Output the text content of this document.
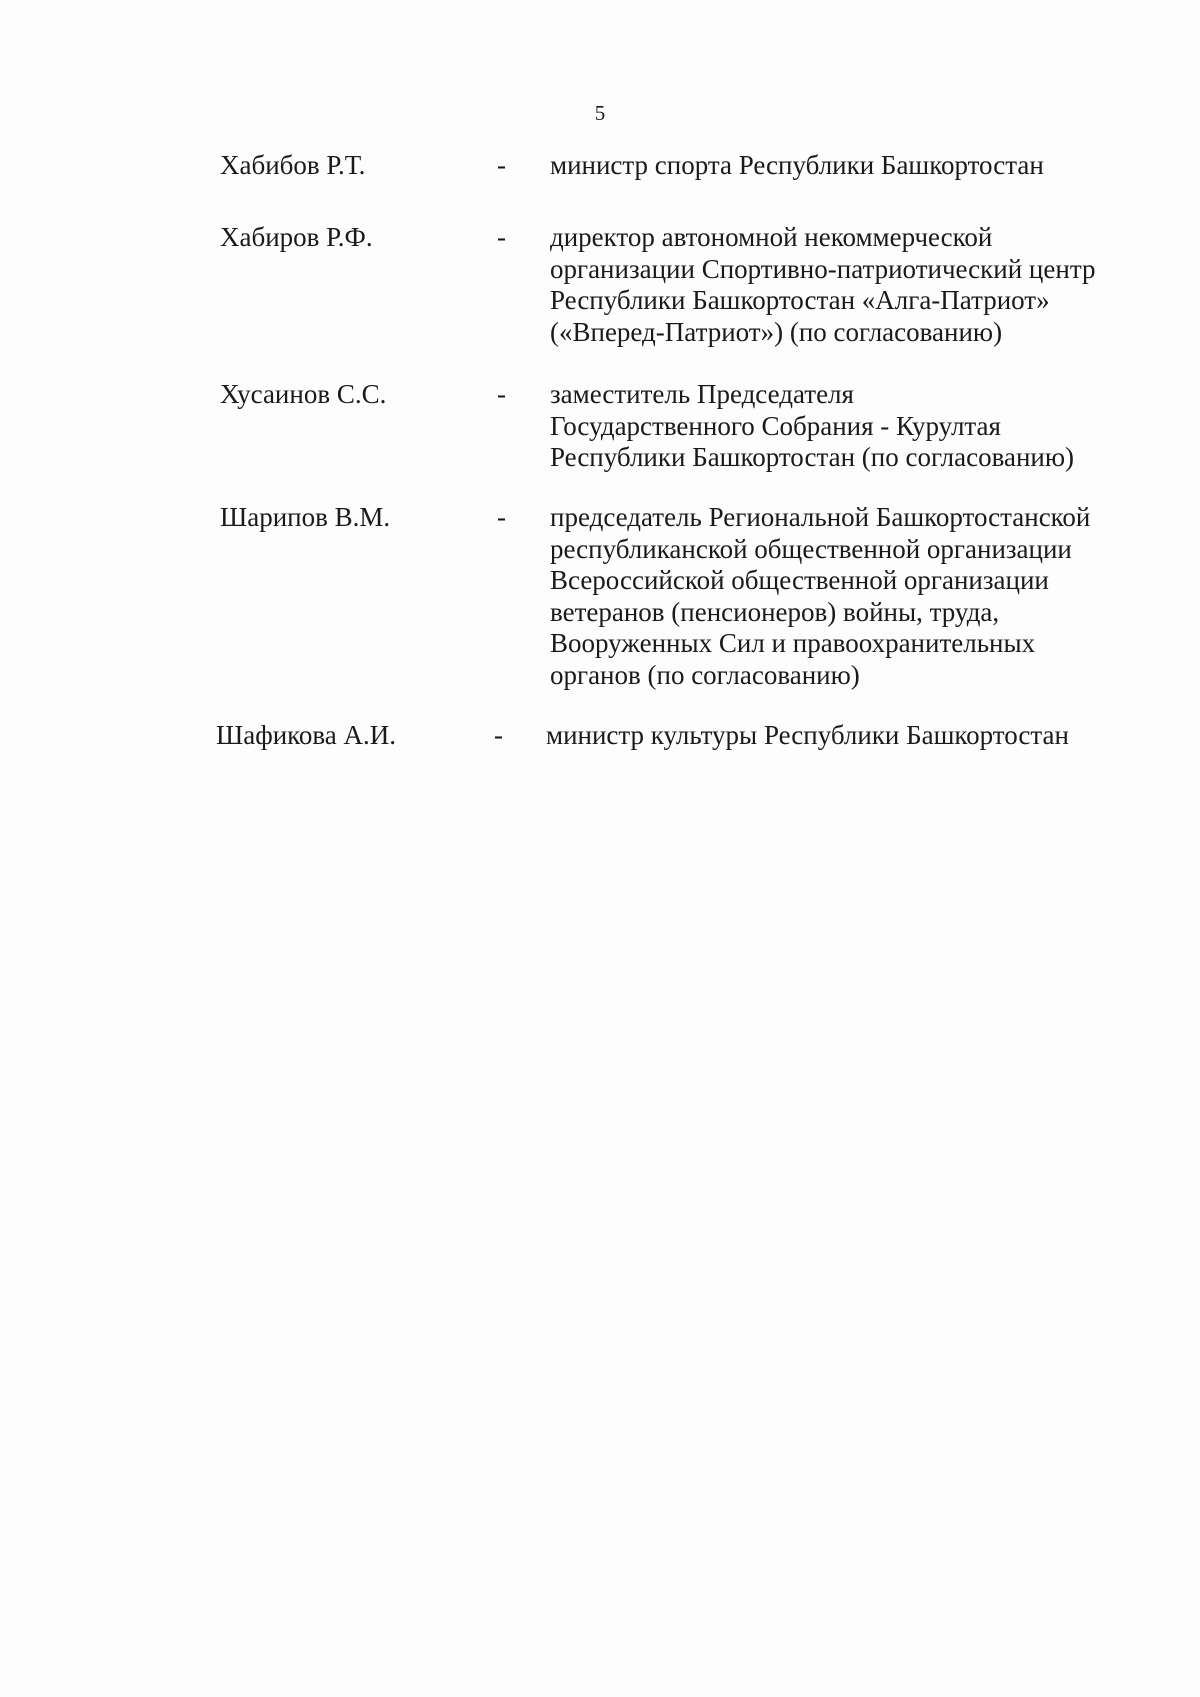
5
Хабибов Р.Т.	- министр спорта Республики Башкортостан
Хабиров Р.Ф.	- директор автономной некоммерческой
организации Спортивно-патриотический центр
Республики Башкортостан «Алга-Патриот»
(«Вперед-Патриот») (по согласованию)
Хусаинов С.С.	- заместитель Председателя
Государственного Собрания - Курултая
Республики Башкортостан (по согласованию)
Шарипов В.М.	- председатель Региональной Башкортостанской
республиканской общественной организации
Всероссийской общественной организации
ветеранов (пенсионеров) войны, труда,
Вооруженных Сил и правоохранительных
органов (по согласованию)
Шафикова А.И.	- министр культуры Республики Башкортостан
